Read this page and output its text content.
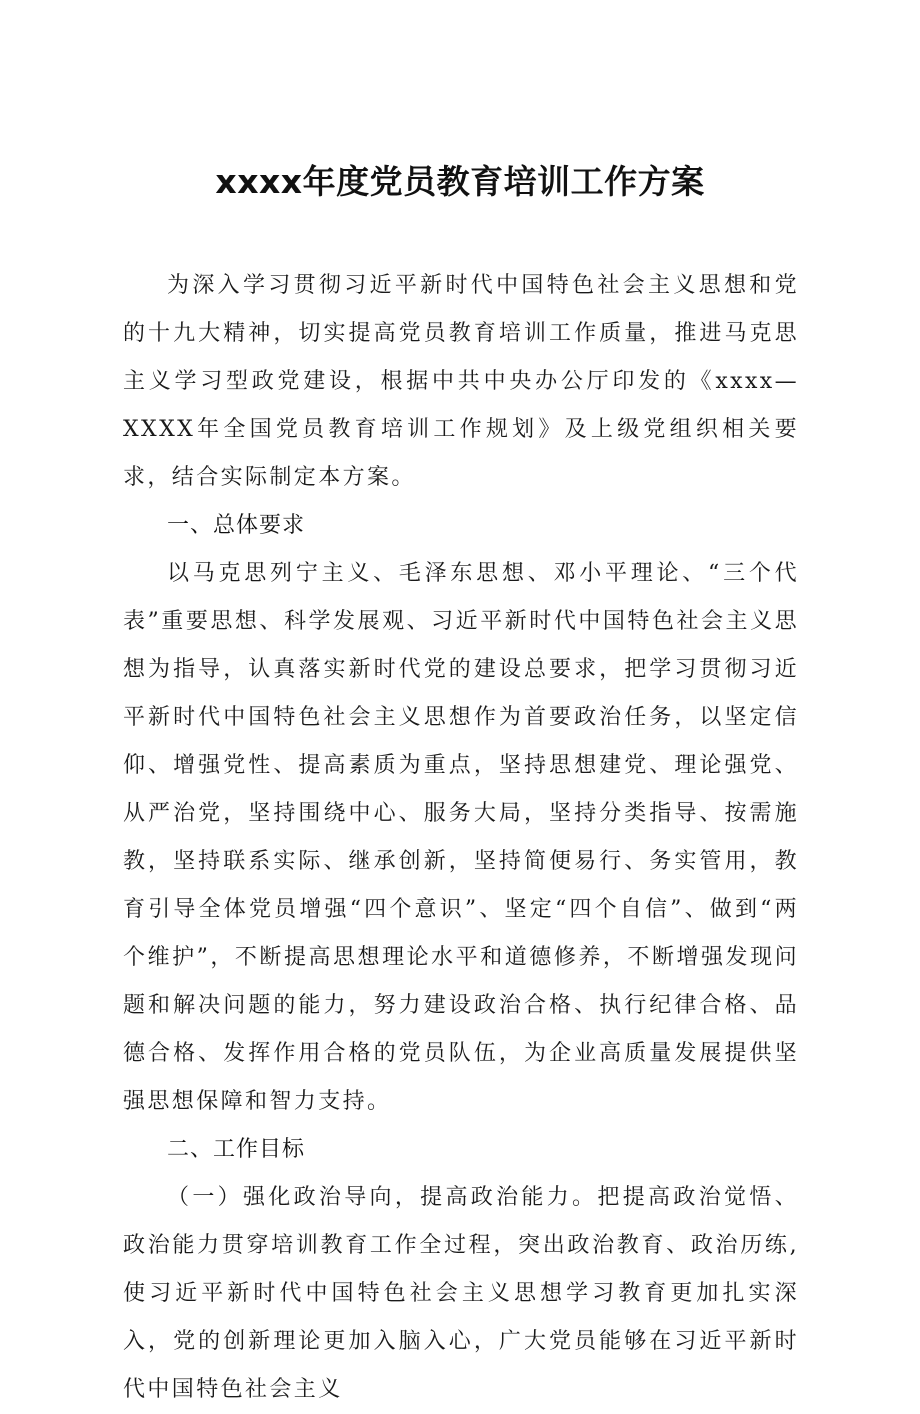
xxxx年度党员教育培训工作方案

为深入学习贯彻习近平新时代中国特色社会主义思想和党的十九大精神，切实提高党员教育培训工作质量，推进马克思主义学习型政党建设，根据中共中央办公厅印发的《xxxx—XXXX年全国党员教育培训工作规划》及上级党组织相关要求，结合实际制定本方案。

一、总体要求

以马克思列宁主义、毛泽东思想、邓小平理论、“三个代表”重要思想、科学发展观、习近平新时代中国特色社会主义思想为指导，认真落实新时代党的建设总要求，把学习贯彻习近平新时代中国特色社会主义思想作为首要政治任务，以坚定信仰、增强党性、提高素质为重点，坚持思想建党、理论强党、从严治党，坚持围绕中心、服务大局，坚持分类指导、按需施教，坚持联系实际、继承创新，坚持简便易行、务实管用，教育引导全体党员增强“四个意识”、坚定“四个自信”、做到“两个维护”，不断提高思想理论水平和道德修养，不断增强发现问题和解决问题的能力，努力建设政治合格、执行纪律合格、品德合格、发挥作用合格的党员队伍，为企业高质量发展提供坚强思想保障和智力支持。

二、工作目标

（一）强化政治导向，提高政治能力。把提高政治觉悟、政治能力贯穿培训教育工作全过程，突出政治教育、政治历练,使习近平新时代中国特色社会主义思想学习教育更加扎实深入，党的创新理论更加入脑入心，广大党员能够在习近平新时代中国特色社会主义
